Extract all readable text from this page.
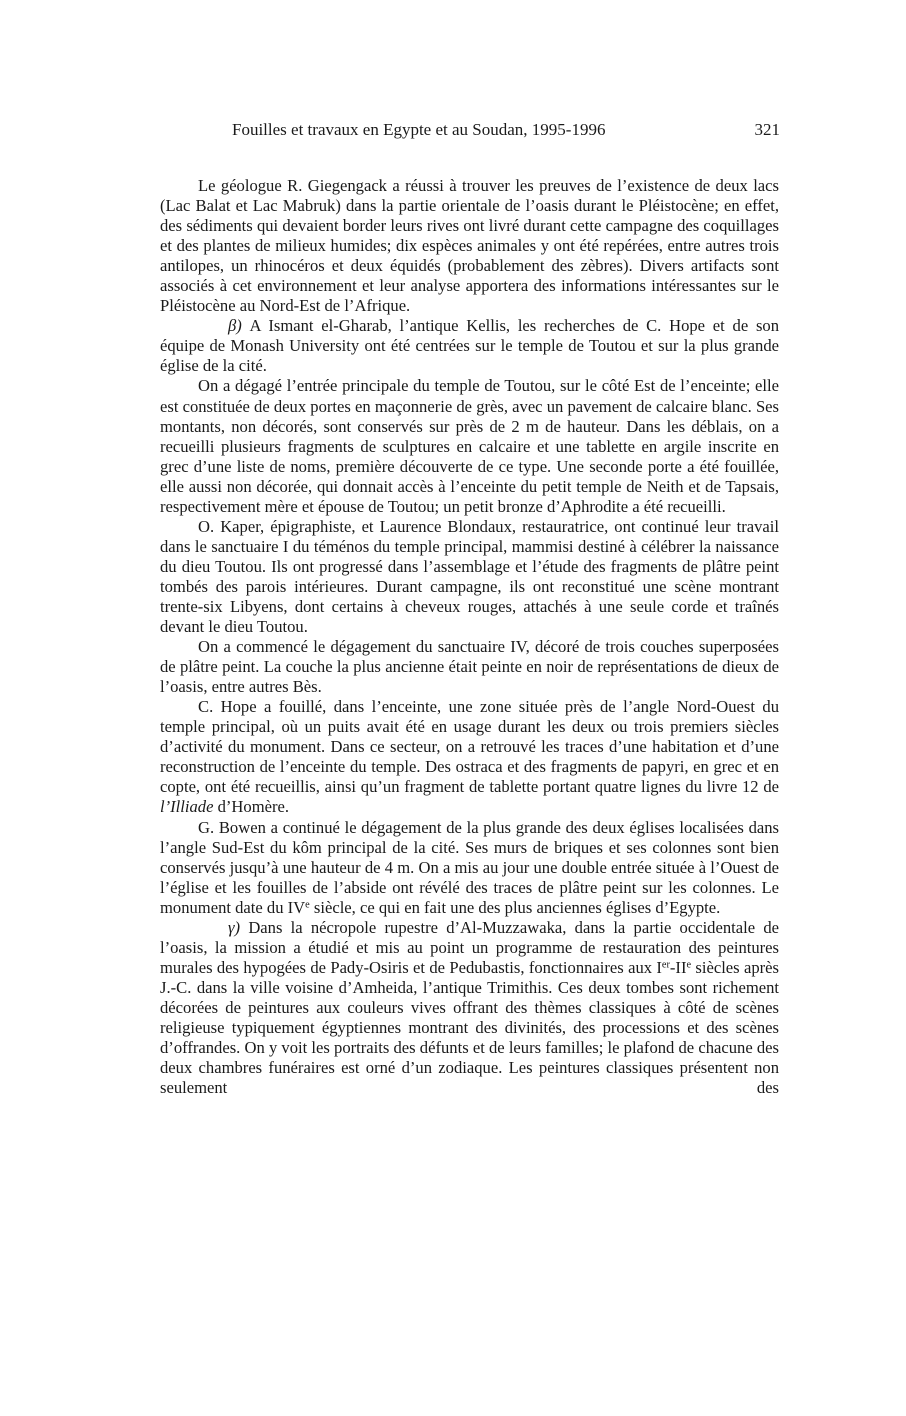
Fouilles et travaux en Egypte et au Soudan, 1995-1996	321

Le géologue R. Giegengack a réussi à trouver les preuves de l’existence de deux lacs (Lac Balat et Lac Mabruk) dans la partie orientale de l’oasis durant le Pléistocène; en effet, des sédiments qui devaient border leurs rives ont livré durant cette campagne des coquillages et des plantes de milieux humides; dix espèces animales y ont été repérées, entre autres trois antilopes, un rhinocéros et deux équidés (probablement des zèbres). Divers artifacts sont associés à cet environnement et leur analyse apportera des informations intéressantes sur le Pléistocène au Nord-Est de l’Afrique.

β) A Ismant el-Gharab, l’antique Kellis, les recherches de C. Hope et de son équipe de Monash University ont été centrées sur le temple de Toutou et sur la plus grande église de la cité.

On a dégagé l’entrée principale du temple de Toutou, sur le côté Est de l’enceinte; elle est constituée de deux portes en maçonnerie de grès, avec un pavement de calcaire blanc. Ses montants, non décorés, sont conservés sur près de 2 m de hauteur. Dans les déblais, on a recueilli plusieurs fragments de sculptures en calcaire et une tablette en argile inscrite en grec d’une liste de noms, première découverte de ce type. Une seconde porte a été fouillée, elle aussi non décorée, qui donnait accès à l’enceinte du petit temple de Neith et de Tapsais, respectivement mère et épouse de Toutou; un petit bronze d’Aphrodite a été recueilli.

O. Kaper, épigraphiste, et Laurence Blondaux, restauratrice, ont continué leur travail dans le sanctuaire I du téménos du temple principal, mammisi destiné à célébrer la naissance du dieu Toutou. Ils ont progressé dans l’assemblage et l’étude des fragments de plâtre peint tombés des parois intérieures. Durant campagne, ils ont reconstitué une scène montrant trente-six Libyens, dont certains à cheveux rouges, attachés à une seule corde et traînés devant le dieu Toutou.

On a commencé le dégagement du sanctuaire IV, décoré de trois couches superposées de plâtre peint. La couche la plus ancienne était peinte en noir de représentations de dieux de l’oasis, entre autres Bès.

C. Hope a fouillé, dans l’enceinte, une zone située près de l’angle Nord-Ouest du temple principal, où un puits avait été en usage durant les deux ou trois premiers siècles d’activité du monument. Dans ce secteur, on a retrouvé les traces d’une habitation et d’une reconstruction de l’enceinte du temple. Des ostraca et des fragments de papyri, en grec et en copte, ont été recueillis, ainsi qu’un fragment de tablette portant quatre lignes du livre 12 de l’Illiade d’Homère.

G. Bowen a continué le dégagement de la plus grande des deux églises localisées dans l’angle Sud-Est du kôm principal de la cité. Ses murs de briques et ses colonnes sont bien conservés jusqu’à une hauteur de 4 m. On a mis au jour une double entrée située à l’Ouest de l’église et les fouilles de l’abside ont révélé des traces de plâtre peint sur les colonnes. Le monument date du IVe siècle, ce qui en fait une des plus anciennes églises d’Egypte.

γ) Dans la nécropole rupestre d’Al-Muzzawaka, dans la partie occidentale de l’oasis, la mission a étudié et mis au point un programme de restauration des peintures murales des hypogées de Pady-Osiris et de Pedubastis, fonctionnaires aux Ier-IIe siècles après J.-C. dans la ville voisine d’Amheida, l’antique Trimithis. Ces deux tombes sont richement décorées de peintures aux couleurs vives offrant des thèmes classiques à côté de scènes religieuse typiquement égyptiennes montrant des divinités, des processions et des scènes d’offrandes. On y voit les portraits des défunts et de leurs familles; le plafond de chacune des deux chambres funéraires est orné d’un zodiaque. Les peintures classiques présentent non seulement des
